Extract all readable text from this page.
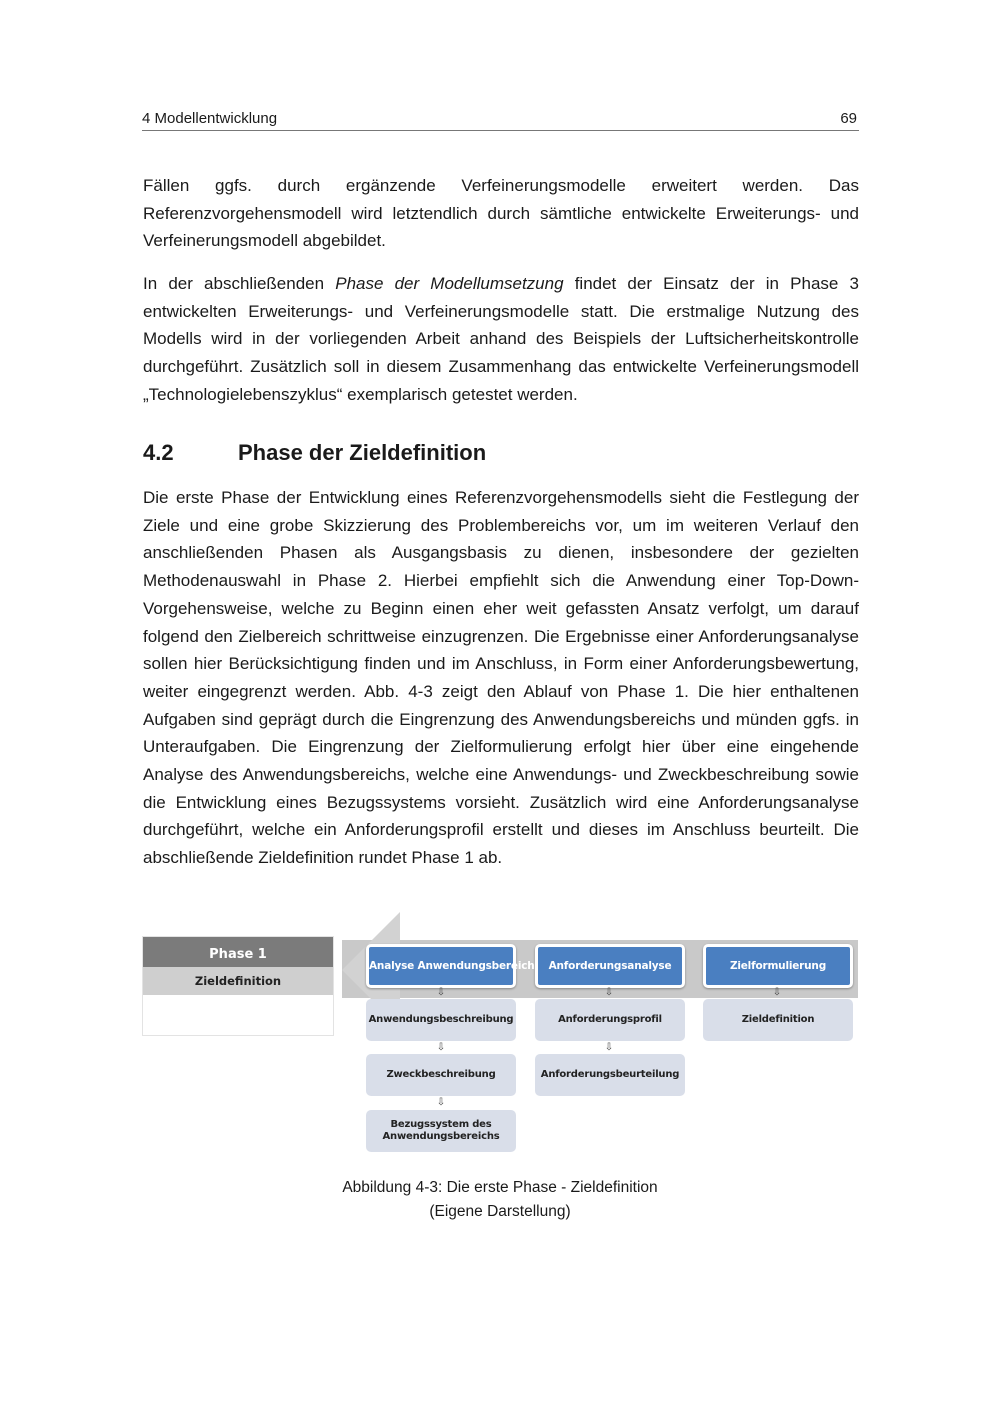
4 Modellentwicklung	69

Fällen ggfs. durch ergänzende Verfeinerungsmodelle erweitert werden. Das Referenzvorgehensmodell wird letztendlich durch sämtliche entwickelte Erweiterungs- und Verfeinerungsmodell abgebildet.

In der abschließenden Phase der Modellumsetzung findet der Einsatz der in Phase 3 entwickelten Erweiterungs- und Verfeinerungsmodelle statt. Die erstmalige Nutzung des Modells wird in der vorliegenden Arbeit anhand des Beispiels der Luftsicherheitskontrolle durchgeführt. Zusätzlich soll in diesem Zusammenhang das entwickelte Verfeinerungsmodell „Technologielebenszyklus“ exemplarisch getestet werden.

4.2	Phase der Zieldefinition

Die erste Phase der Entwicklung eines Referenzvorgehensmodells sieht die Festlegung der Ziele und eine grobe Skizzierung des Problembereichs vor, um im weiteren Verlauf den anschließenden Phasen als Ausgangsbasis zu dienen, insbesondere der gezielten Methodenauswahl in Phase 2. Hierbei empfiehlt sich die Anwendung einer Top-Down-Vorgehensweise, welche zu Beginn einen eher weit gefassten Ansatz verfolgt, um darauf folgend den Zielbereich schrittweise einzugrenzen. Die Ergebnisse einer Anforderungsanalyse sollen hier Berücksichtigung finden und im Anschluss, in Form einer Anforderungsbewertung, weiter eingegrenzt werden. Abb. 4-3 zeigt den Ablauf von Phase 1. Die hier enthaltenen Aufgaben sind geprägt durch die Eingrenzung des Anwendungsbereichs und münden ggfs. in Unteraufgaben. Die Eingrenzung der Zielformulierung erfolgt hier über eine eingehende Analyse des Anwendungsbereichs, welche eine Anwendungs- und Zweckbeschreibung sowie die Entwicklung eines Bezugssystems vorsieht. Zusätzlich wird eine Anforderungsanalyse durchgeführt, welche ein Anforderungsprofil erstellt und dieses im Anschluss beurteilt. Die abschließende Zieldefinition rundet Phase 1 ab.

Phase 1
Zieldefinition
Analyse Anwendungsbereich
⇩
Anwendungsbeschreibung
⇩
Zweckbeschreibung
⇩
Bezugssystem des Anwendungsbereichs
Anforderungsanalyse
⇩
Anforderungsprofil
⇩
Anforderungsbeurteilung
Zielformulierung
⇩
Zieldefinition
Abbildung 4-3: Die erste Phase - Zieldefinition
(Eigene Darstellung)
